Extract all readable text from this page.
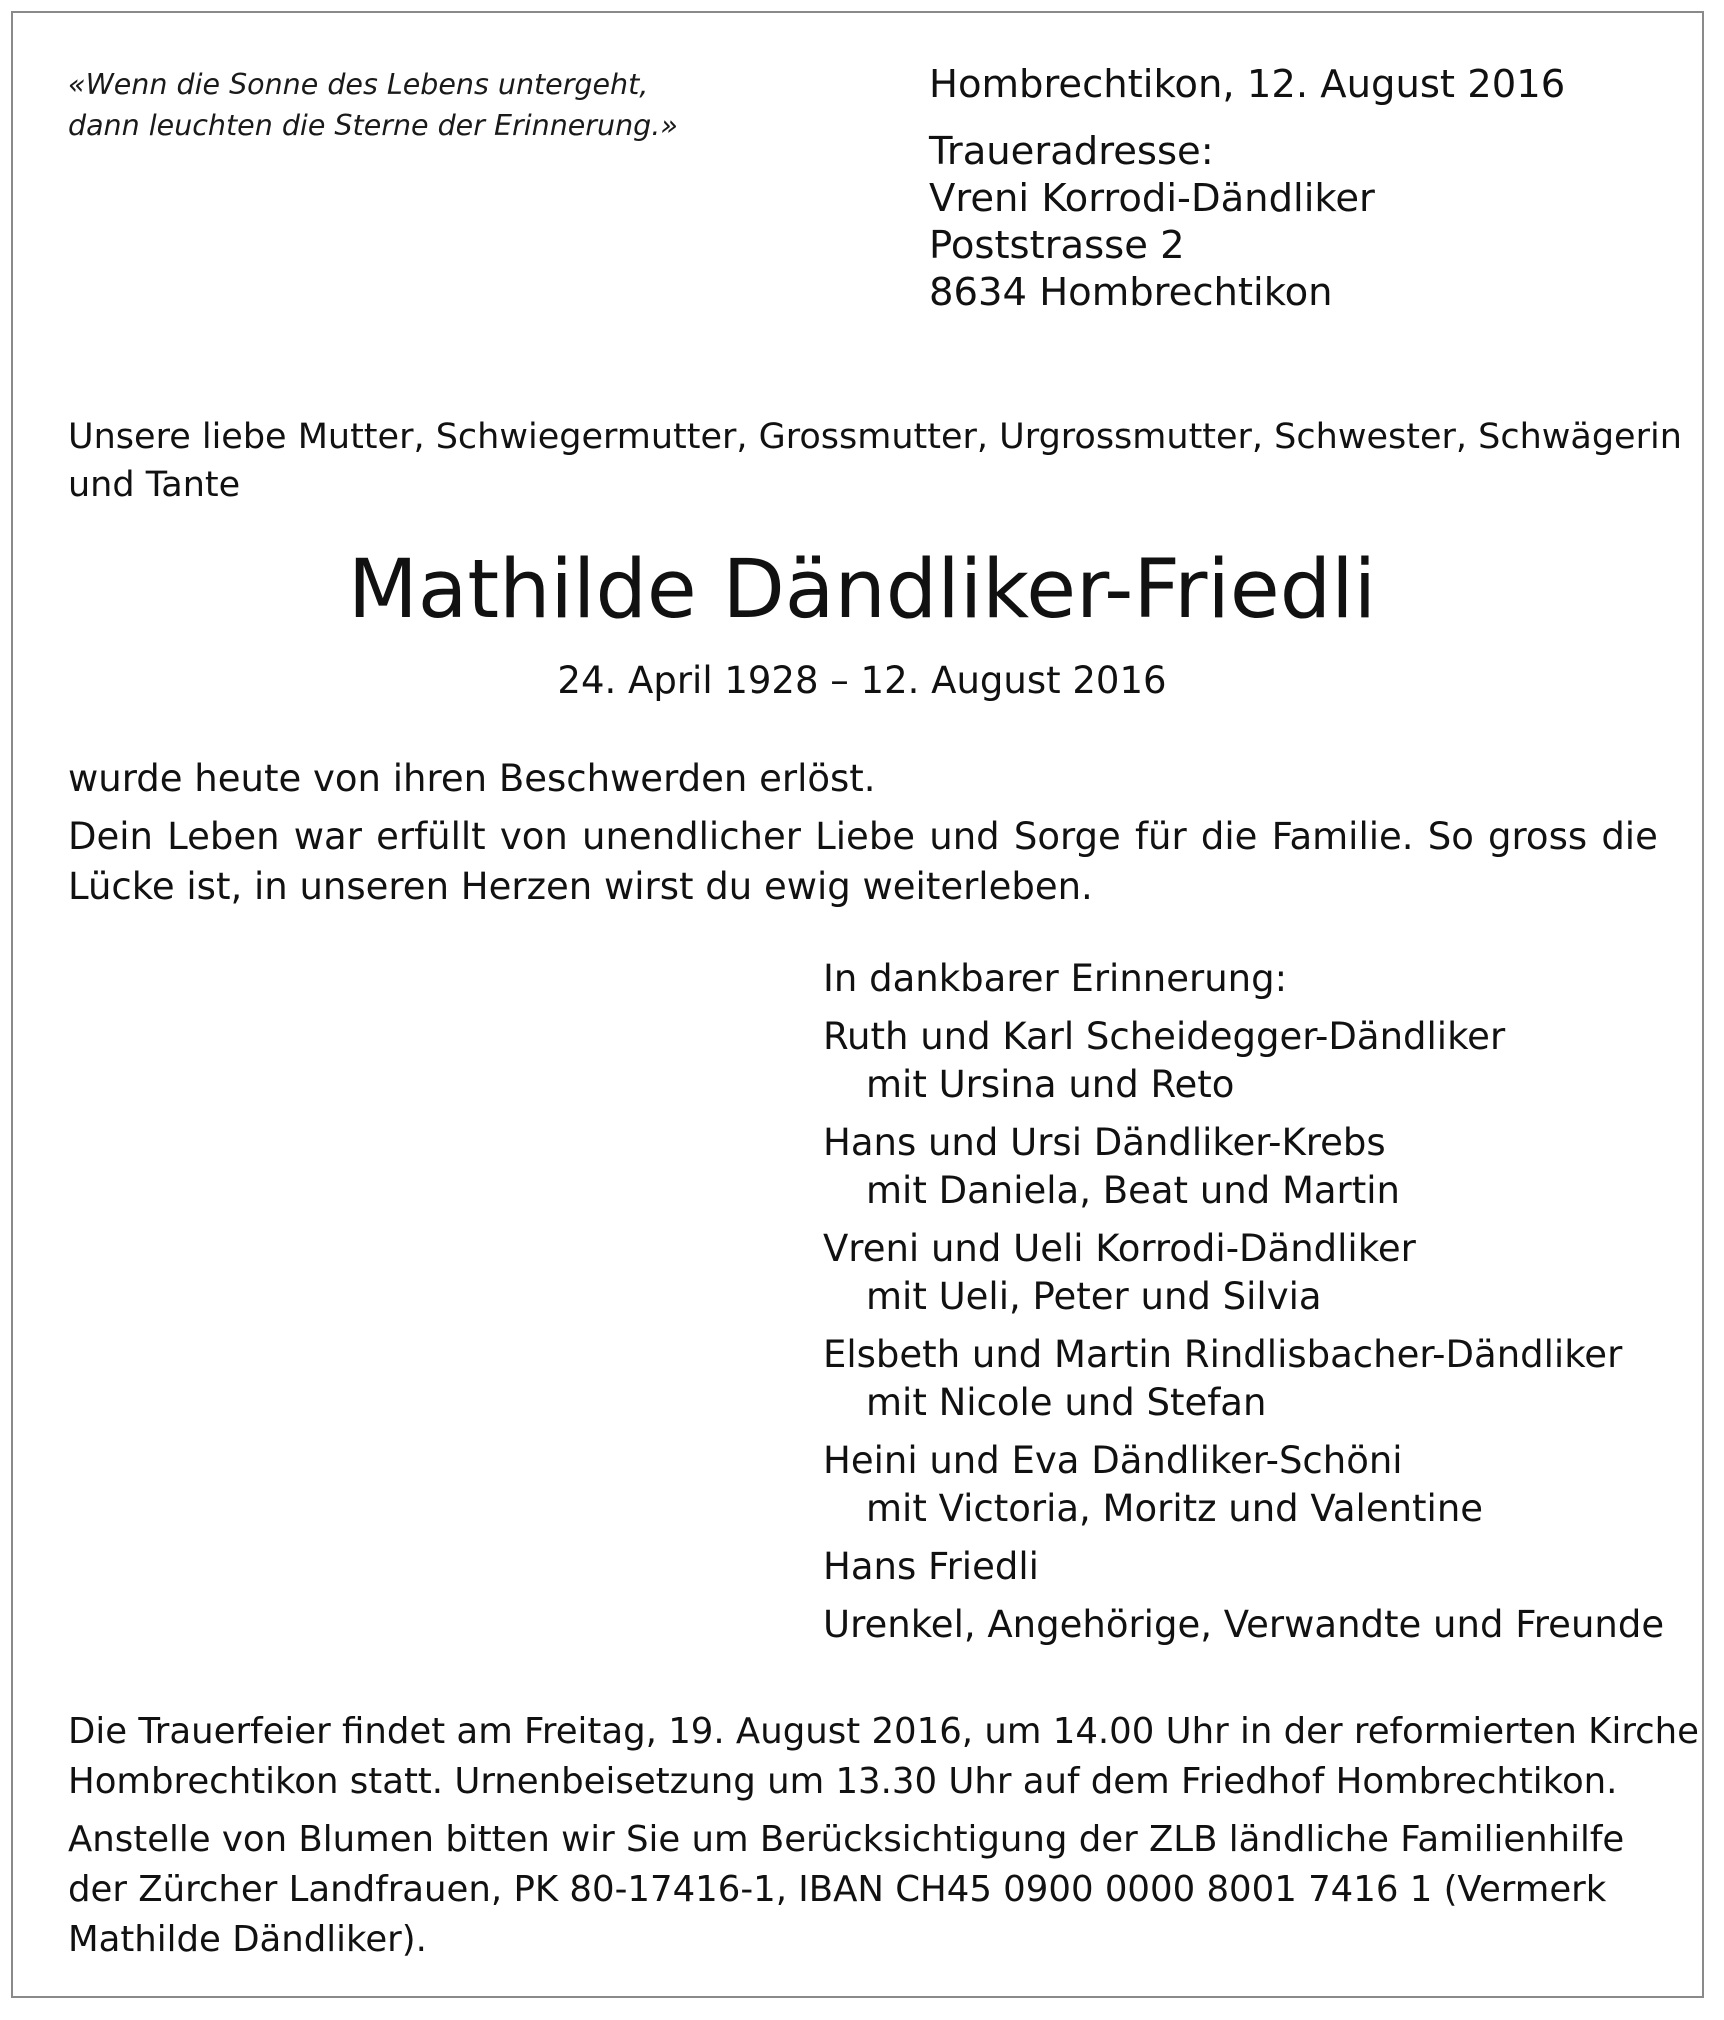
«Wenn die Sonne des Lebens untergeht,
dann leuchten die Sterne der Erinnerung.»
Hombrechtikon, 12. August 2016
Traueradresse:
Vreni Korrodi-Dändliker
Poststrasse 2
8634 Hombrechtikon
Unsere liebe Mutter, Schwiegermutter, Grossmutter, Urgrossmutter, Schwester, Schwägerin
und Tante
Mathilde Dändliker-Friedli
24. April 1928 – 12. August 2016
wurde heute von ihren Beschwerden erlöst.
Dein Leben war erfüllt von unendlicher Liebe und Sorge für die Familie. So gross die
Lücke ist, in unseren Herzen wirst du ewig weiterleben.
In dankbarer Erinnerung:
Ruth und Karl Scheidegger-Dändliker
mit Ursina und Reto
Hans und Ursi Dändliker-Krebs
mit Daniela, Beat und Martin
Vreni und Ueli Korrodi-Dändliker
mit Ueli, Peter und Silvia
Elsbeth und Martin Rindlisbacher-Dändliker
mit Nicole und Stefan
Heini und Eva Dändliker-Schöni
mit Victoria, Moritz und Valentine
Hans Friedli
Urenkel, Angehörige, Verwandte und Freunde
Die Trauerfeier findet am Freitag, 19. August 2016, um 14.00 Uhr in der reformierten Kirche
Hombrechtikon statt. Urnenbeisetzung um 13.30 Uhr auf dem Friedhof Hombrechtikon.
Anstelle von Blumen bitten wir Sie um Berücksichtigung der ZLB ländliche Familienhilfe
der Zürcher Landfrauen, PK 80-17416-1, IBAN CH45 0900 0000 8001 7416 1 (Vermerk
Mathilde Dändliker).
